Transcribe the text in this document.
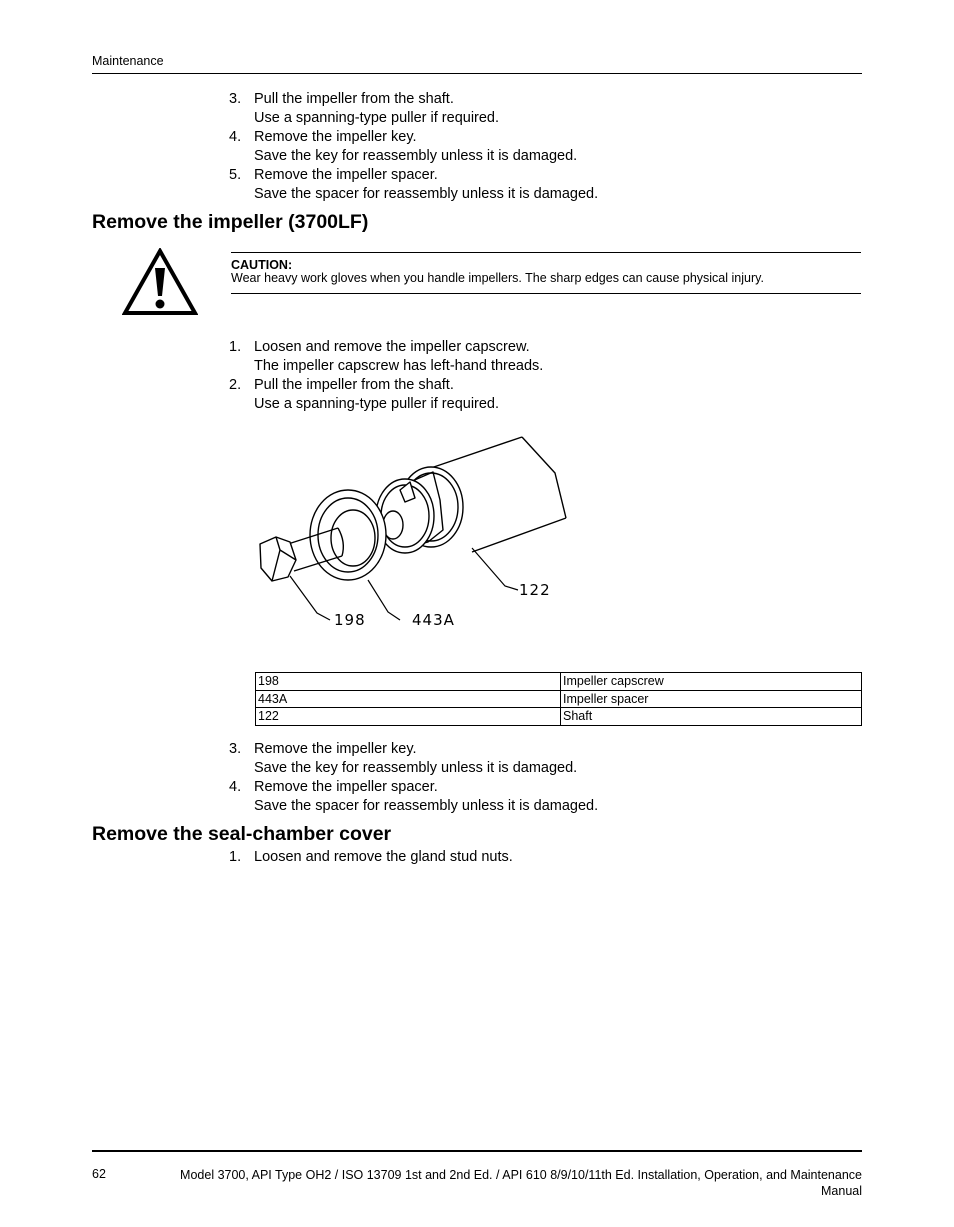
Maintenance
3. Pull the impeller from the shaft.
Use a spanning-type puller if required.
4. Remove the impeller key.
Save the key for reassembly unless it is damaged.
5. Remove the impeller spacer.
Save the spacer for reassembly unless it is damaged.
Remove the impeller (3700LF)
CAUTION:
Wear heavy work gloves when you handle impellers. The sharp edges can cause physical injury.
1. Loosen and remove the impeller capscrew.
The impeller capscrew has left-hand threads.
2. Pull the impeller from the shaft.
Use a spanning-type puller if required.
198	443A
122
198	Impeller capscrew
443A	Impeller spacer
122	Shaft
3. Remove the impeller key.
Save the key for reassembly unless it is damaged.
4. Remove the impeller spacer.
Save the spacer for reassembly unless it is damaged.
Remove the seal-chamber cover
1. Loosen and remove the gland stud nuts.
62	Model 3700, API Type OH2 / ISO 13709 1st and 2nd Ed. / API 610 8/9/10/11th Ed. Installation, Operation, and Maintenance
Manual
